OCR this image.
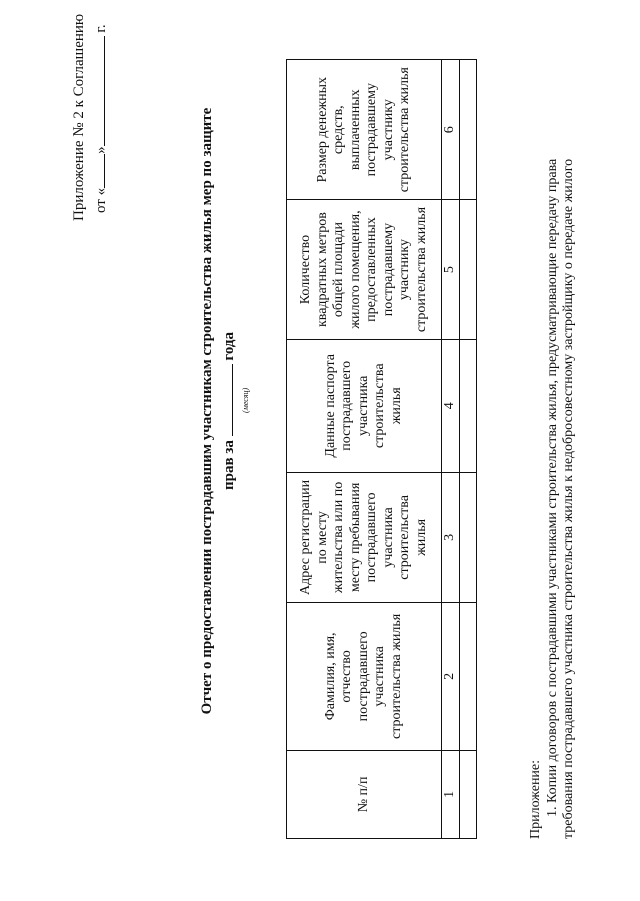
Приложение № 2 к Соглашению от «» г.
Отчет о предоставлении пострадавшим участникам строительства жилья мер по защите прав за
(месяц)
года
№ п/п	Фамилия, имя, отчество пострадавшего участника строительства жилья	Адрес регистрации по месту жительства или по месту пребывания пострадавшего участника строительства жилья	Данные паспорта пострадавшего участника строительства жилья	Количество квадратных метров общей площади жилого помещения, предоставленных пострадавшему участнику строительства жилья	Размер денежных средств, выплаченных пострадавшему участнику строительства жилья
1	2	3	4	5	6

Приложение: 1. Копии договоров с пострадавшими участниками строительства жилья, предусматривающие передачу права требования пострадавшего участника строительства жилья к недобросовестному застройщику о передаче жилого
